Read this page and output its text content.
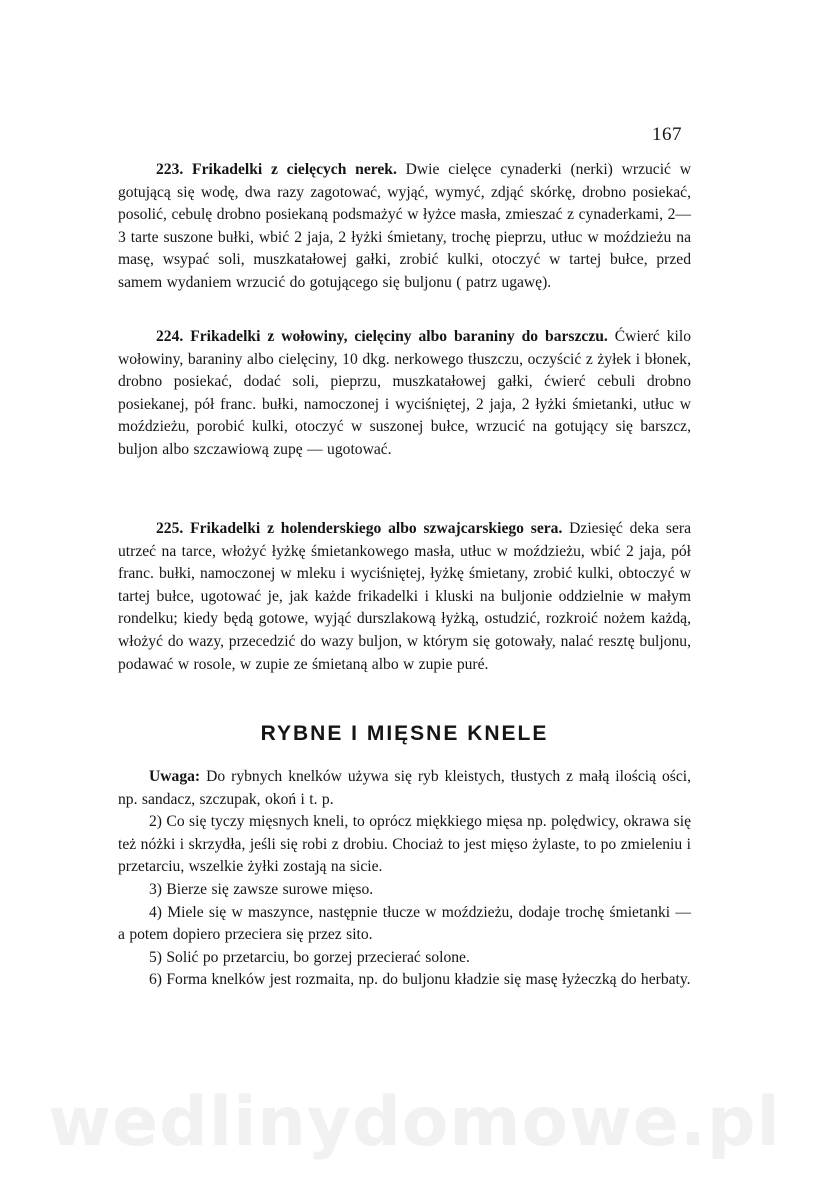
167

223. Frikadelki z cielęcych nerek. Dwie cielęce cynaderki (nerki) wrzucić w gotującą się wodę, dwa razy zagotować, wyjąć, wymyć, zdjąć skórkę, drobno posiekać, posolić, cebulę drobno posiekaną podsmażyć w łyżce masła, zmieszać z cynaderkami, 2—3 tarte suszone bułki, wbić 2 jaja, 2 łyżki śmietany, trochę pieprzu, utłuc w moździeżu na masę, wsypać soli, muszkatałowej gałki, zrobić kulki, otoczyć w tartej bułce, przed samem wydaniem wrzucić do gotującego się buljonu ( patrz ugawę).

224. Frikadelki z wołowiny, cielęciny albo baraniny do barszczu. Ćwierć kilo wołowiny, baraniny albo cielęciny, 10 dkg. nerkowego tłuszczu, oczyścić z żyłek i błonek, drobno posiekać, dodać soli, pieprzu, muszkatałowej gałki, ćwierć cebuli drobno posiekanej, pół franc. bułki, namoczonej i wyciśniętej, 2 jaja, 2 łyżki śmietanki, utłuc w moździeżu, porobić kulki, otoczyć w suszonej bułce, wrzucić na gotujący się barszcz, buljon albo szczawiową zupę — ugotować.

225. Frikadelki z holenderskiego albo szwajcarskiego sera. Dziesięć deka sera utrzeć na tarce, włożyć łyżkę śmietankowego masła, utłuc w moździeżu, wbić 2 jaja, pół franc. bułki, namoczonej w mleku i wyciśniętej, łyżkę śmietany, zrobić kulki, obtoczyć w tartej bułce, ugotować je, jak każde frikadelki i kluski na buljonie oddzielnie w małym rondelku; kiedy będą gotowe, wyjąć durszlakową łyżką, ostudzić, rozkroić nożem każdą, włożyć do wazy, przecedzić do wazy buljon, w którym się gotowały, nalać resztę buljonu, podawać w rosole, w zupie ze śmietaną albo w zupie puré.

RYBNE I MIĘSNE KNELE

Uwaga: Do rybnych knelków używa się ryb kleistych, tłustych z małą ilością ości, np. sandacz, szczupak, okoń i t. p.

2) Co się tyczy mięsnych kneli, to oprócz miękkiego mięsa np. polędwicy, okrawa się też nóżki i skrzydła, jeśli się robi z drobiu. Chociaż to jest mięso żylaste, to po zmieleniu i przetarciu, wszelkie żyłki zostają na sicie.

3) Bierze się zawsze surowe mięso.

4) Miele się w maszynce, następnie tłucze w moździeżu, dodaje trochę śmietanki — a potem dopiero przeciera się przez sito.

5) Solić po przetarciu, bo gorzej przecierać solone.

6) Forma knelków jest rozmaita, np. do buljonu kładzie się masę łyżeczką do herbaty.

wedlinydomowe.pl
